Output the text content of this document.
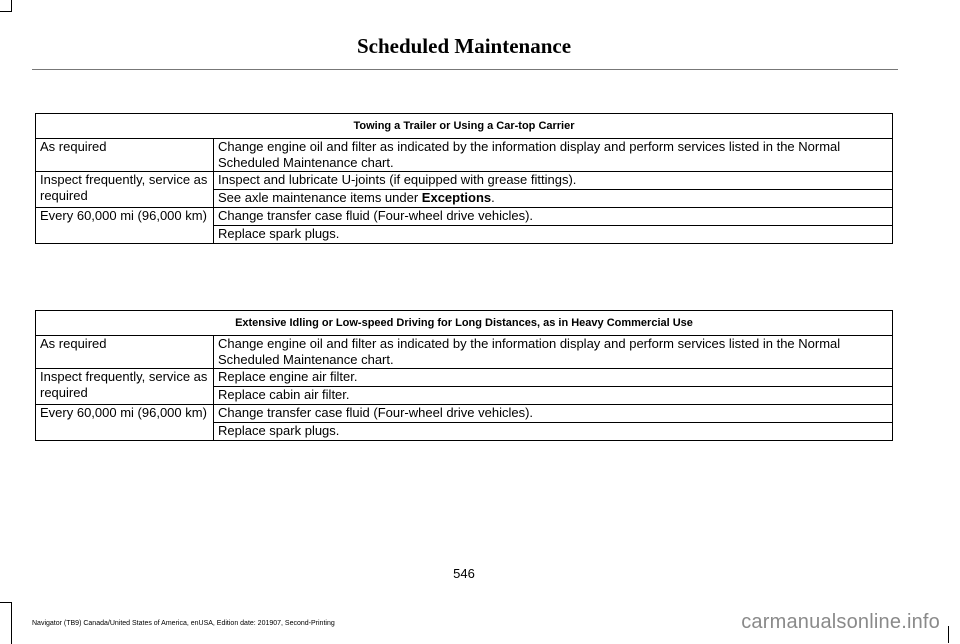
Scheduled Maintenance
Towing a Trailer or Using a Car-top Carrier	
As required	Change engine oil and filter as indicated by the information display and perform services listed in the Normal Scheduled Maintenance chart.
Inspect frequently, service as required	Inspect and lubricate U-joints (if equipped with grease fittings).
	See axle maintenance items under Exceptions.
Every 60,000 mi (96,000 km)	Change transfer case fluid (Four-wheel drive vehicles).
	Replace spark plugs.
Extensive Idling or Low-speed Driving for Long Distances, as in Heavy Commercial Use	
As required	Change engine oil and filter as indicated by the information display and perform services listed in the Normal Scheduled Maintenance chart.
Inspect frequently, service as required	Replace engine air filter.
	Replace cabin air filter.
Every 60,000 mi (96,000 km)	Change transfer case fluid (Four-wheel drive vehicles).
	Replace spark plugs.
546
Navigator (TB9) Canada/United States of America, enUSA, Edition date: 201907, Second-Printing	carmanualsonline.info
